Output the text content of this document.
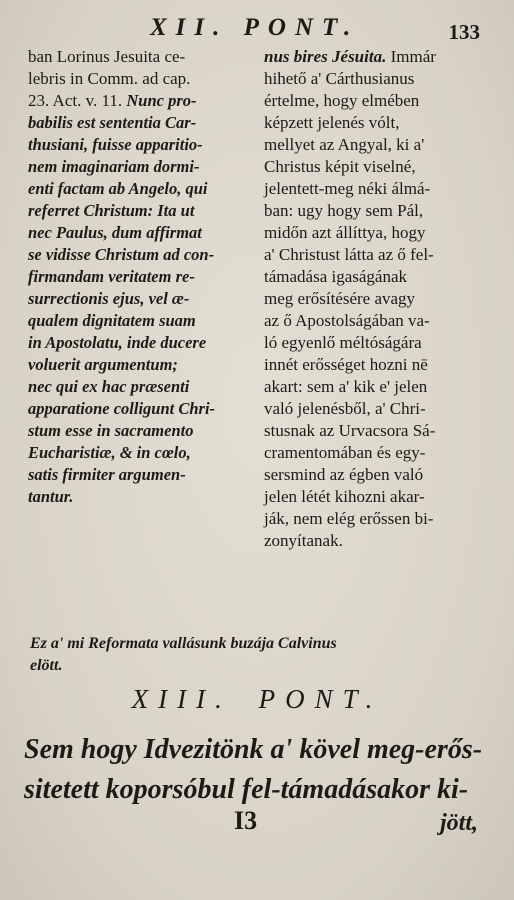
XII. PONT.	133
ban Lorinus Jesuita ce-
lebris in Comm. ad cap.
23. Act. v. 11. Nunc pro-
babilis est sententia Car-
thusiani, fuisse apparitio-
nem imaginariam dormi-
enti factam ab Angelo, qui
referret Christum: Ita ut
nec Paulus, dum affirmat
se vidisse Christum ad con-
firmandam veritatem re-
surrectionis ejus, vel æ-
qualem dignitatem suam
in Apostolatu, inde ducere
voluerit argumentum;
nec qui ex hac præsenti
apparatione colligunt Chri-
stum esse in sacramento
Eucharistiæ, & in cœlo,
satis firmiter argumen-
tantur.
nus bires Jésuita. Immár
hihető a' Cárthusianus
értelme, hogy elmében
képzett jelenés vólt,
mellyet az Angyal, ki a'
Christus képit viselné,
jelentett-meg néki álmá-
ban: ugy hogy sem Pál,
midőn azt állíttya, hogy
a' Christust látta az ő fel-
támadása igaságának
meg erősítésére avagy
az ő Apostolságában va-
ló egyenlő méltóságára
innét erősséget hozni nē
akart: sem a' kik e' jelen
való jelenésből, a' Chri-
stusnak az Urvacsora Sá-
cramentomában és egy-
sersmind az égben való
jelen létét kihozni akar-
ják, nem elég erőssen bi-
zonyítanak.
Ez a' mi Reformata vallásunk buzája Calvinus
elött.
XIII. PONT.
Sem hogy Idvezitönk a' kövel meg-erős-
sitetett koporsóbul fel-támadásakor ki-
I3	jött,
